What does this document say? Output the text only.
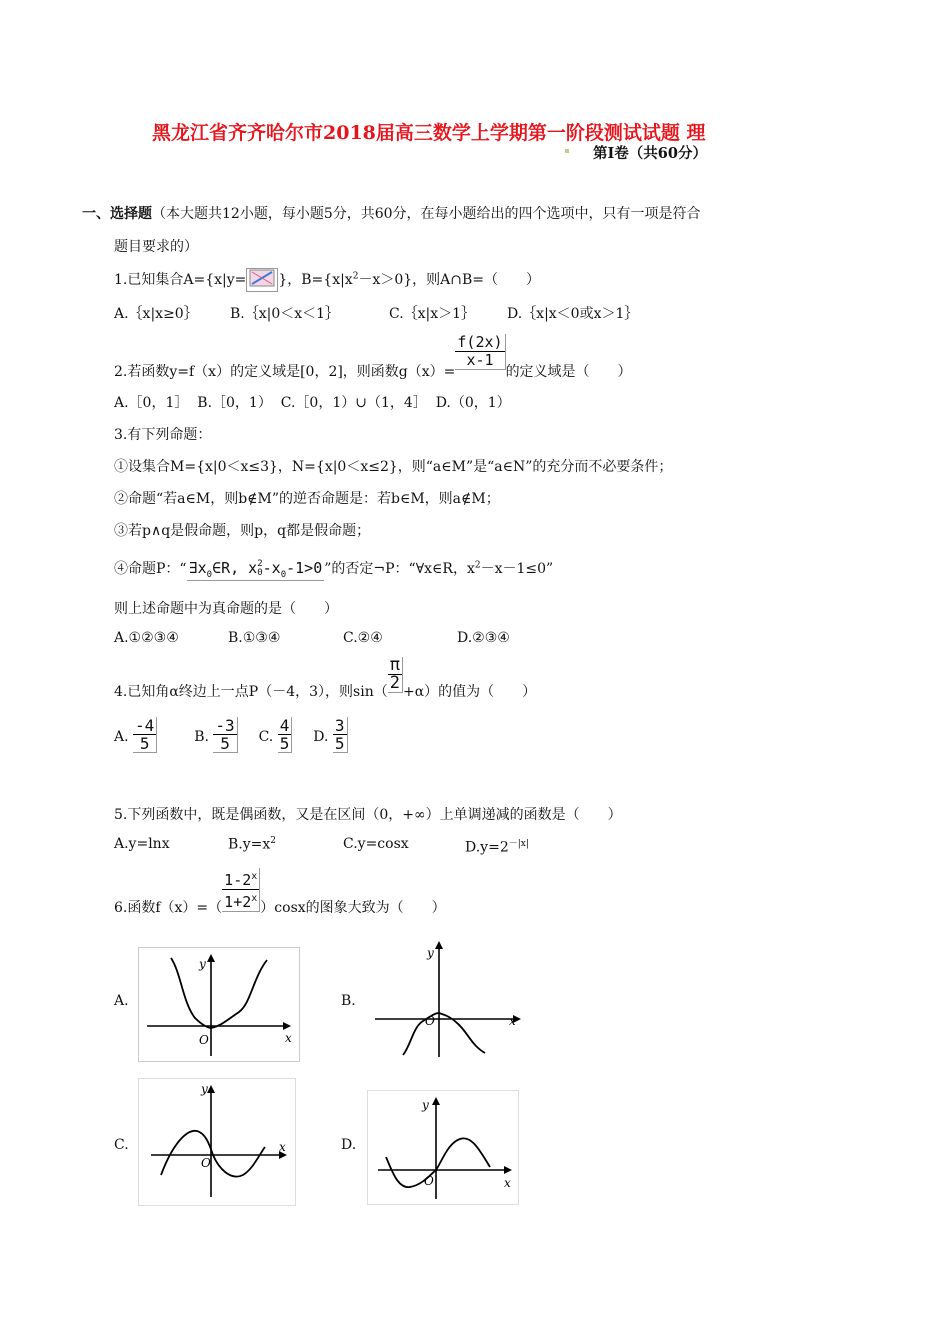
黑龙江省齐齐哈尔市2018届高三数学上学期第一阶段测试试题 理
第Ⅰ卷（共60分）
一、选择题（本大题共12小题，每小题5分，共60分，在每小题给出的四个选项中，只有一项是符合
题目要求的）
1.已知集合A={x|y= }，$B=\{x|x^2-x>0\}$，则A∩B=（　　）
A.｛x|x≥0｝ B.｛x|0＜x＜1｝	C.｛x|x＞1｝ D.｛x|x＜0或x＞1｝
2.若函数y=f（x）的定义域是[0，2]，则函数g（x）=
$\frac{f(2x)}{x-1}$
的定义域是（　　）
A.［0，1］ B.［0，1） C.［0，1）∪（1，4］ D.（0，1）
3.有下列命题：
①设集合M={x|0＜x≤3}，N={x|0＜x≤2}，则“a∈M”是“a∈N”的充分而不必要条件；
②命题“若a∈M，则b∉M”的逆否命题是：若b∈M，则a∉M；
③若p∧q是假命题，则p，q都是假命题；
④命题P：“ $\exists x_0\in R$, x 2
0 $-x_0-1>0$ ”的否定¬P：“∀x∈R，$x^2-x-1\le 0$”
则上述命题中为真命题的是（　　）
A.①②③④	B.①③④	C.②④	D.②③④
4.已知角α终边上一点P（－4，3），则$\sin( \frac{\pi}{2} +\alpha)$的值为（　　）
A. $\frac{-4}{5}$	B. $\frac{-3}{5} C$. $\frac{4}{5} D$. $\frac{3}{5}$
5.下列函数中，既是偶函数，又是在区间（0，+∞）上单调递减的函数是（　　）
A.y=lnx	$B.y=x^2$	C.y=cosx	$D.y=2^{-|x|}$
6.函数$f(x)=( \frac{1-2^x}{1+2^x} )\cos x$的图象大致为（　　）
A.
y
O	x
B.
y
O	x
C.
y
O
x	D.
y
O	x
